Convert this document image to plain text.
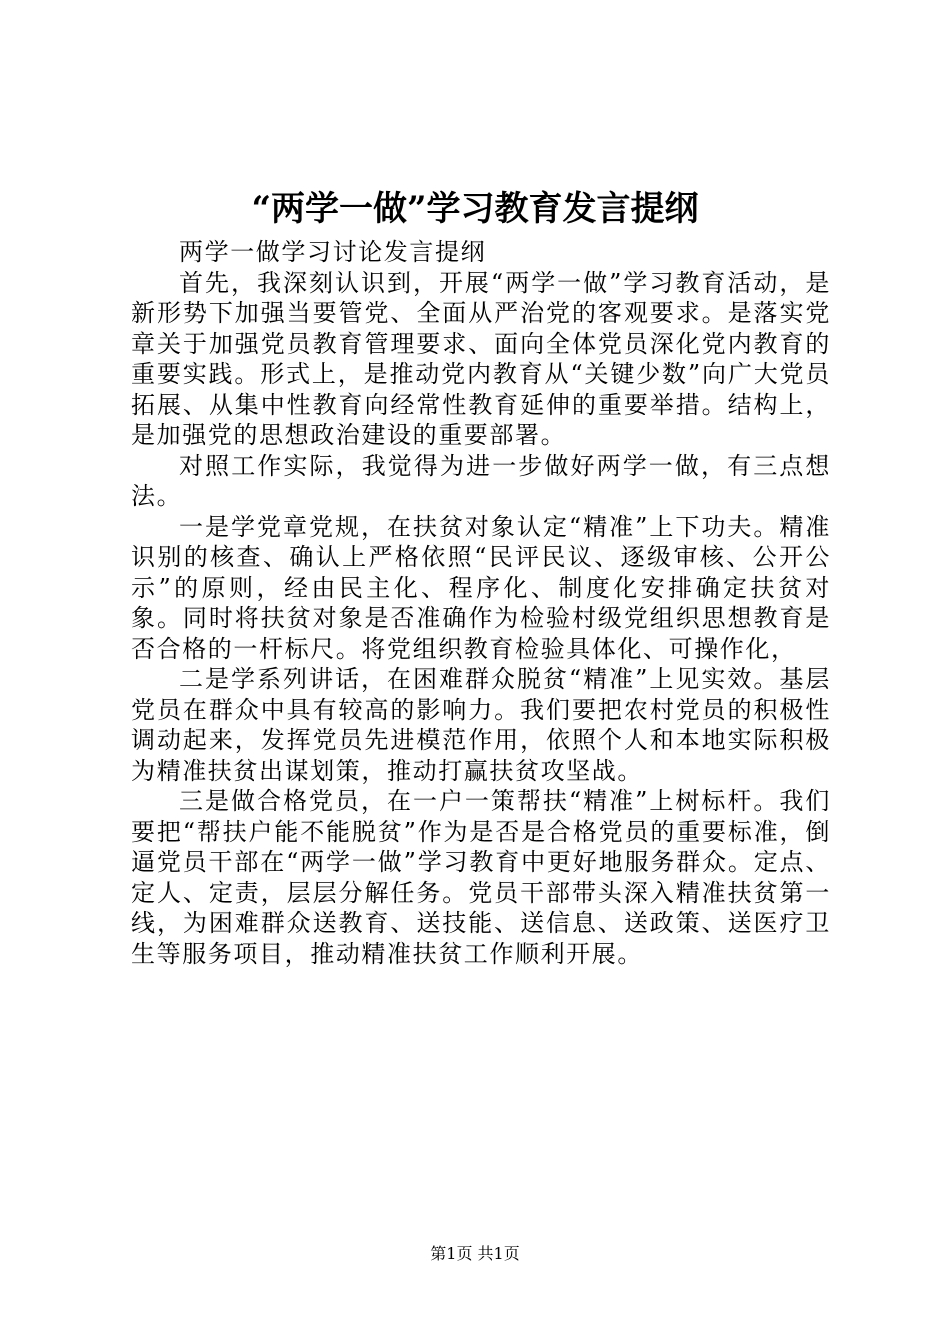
“两学一做”学习教育发言提纲

两学一做学习讨论发言提纲

首先，我深刻认识到，开展“两学一做”学习教育活动，是新形势下加强当要管党、全面从严治党的客观要求。是落实党章关于加强党员教育管理要求、面向全体党员深化党内教育的重要实践。形式上，是推动党内教育从“关键少数”向广大党员拓展、从集中性教育向经常性教育延伸的重要举措。结构上，是加强党的思想政治建设的重要部署。

对照工作实际，我觉得为进一步做好两学一做，有三点想法。

一是学党章党规，在扶贫对象认定“精准”上下功夫。精准识别的核查、确认上严格依照“民评民议、逐级审核、公开公示”的原则，经由民主化、程序化、制度化安排确定扶贫对象。同时将扶贫对象是否准确作为检验村级党组织思想教育是否合格的一杆标尺。将党组织教育检验具体化、可操作化，

二是学系列讲话，在困难群众脱贫“精准”上见实效。基层党员在群众中具有较高的影响力。我们要把农村党员的积极性调动起来，发挥党员先进模范作用，依照个人和本地实际积极为精准扶贫出谋划策，推动打赢扶贫攻坚战。

三是做合格党员，在一户一策帮扶“精准”上树标杆。我们要把“帮扶户能不能脱贫”作为是否是合格党员的重要标准，倒逼党员干部在“两学一做”学习教育中更好地服务群众。定点、定人、定责，层层分解任务。党员干部带头深入精准扶贫第一线，为困难群众送教育、送技能、送信息、送政策、送医疗卫生等服务项目，推动精准扶贫工作顺利开展。

第1页 共1页
